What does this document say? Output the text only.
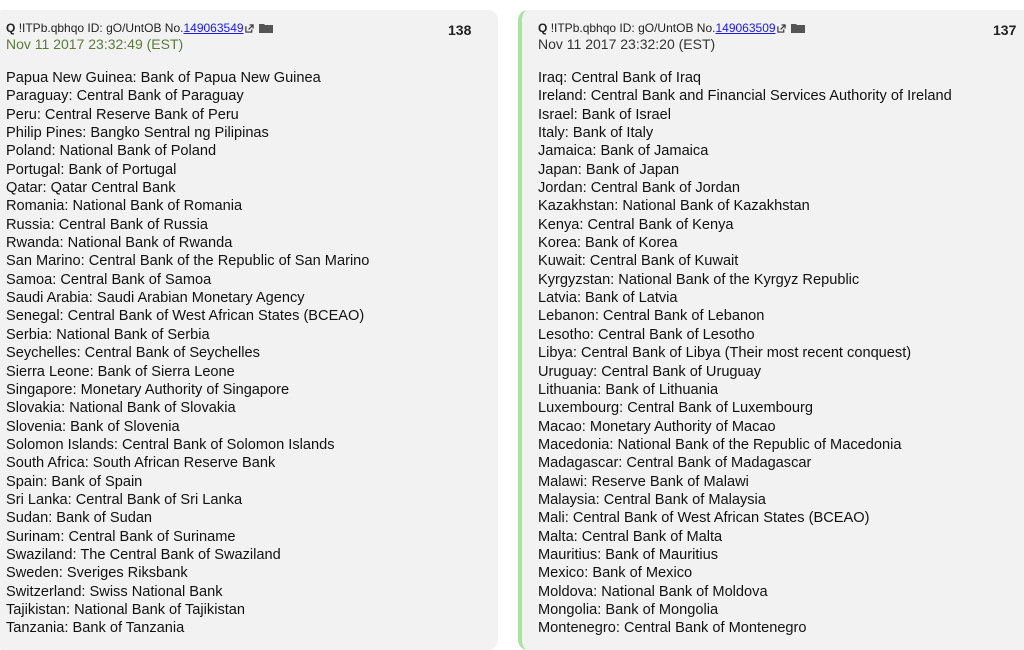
Q !ITPb.qbhqo ID: gO/UntOB No.149063549	138
Nov 11 2017 23:32:49 (EST)
Papua New Guinea: Bank of Papua New Guinea
Paraguay: Central Bank of Paraguay
Peru: Central Reserve Bank of Peru
Philip Pines: Bangko Sentral ng Pilipinas
Poland: National Bank of Poland
Portugal: Bank of Portugal
Qatar: Qatar Central Bank
Romania: National Bank of Romania
Russia: Central Bank of Russia
Rwanda: National Bank of Rwanda
San Marino: Central Bank of the Republic of San Marino
Samoa: Central Bank of Samoa
Saudi Arabia: Saudi Arabian Monetary Agency
Senegal: Central Bank of West African States (BCEAO)
Serbia: National Bank of Serbia
Seychelles: Central Bank of Seychelles
Sierra Leone: Bank of Sierra Leone
Singapore: Monetary Authority of Singapore
Slovakia: National Bank of Slovakia
Slovenia: Bank of Slovenia
Solomon Islands: Central Bank of Solomon Islands
South Africa: South African Reserve Bank
Spain: Bank of Spain
Sri Lanka: Central Bank of Sri Lanka
Sudan: Bank of Sudan
Surinam: Central Bank of Suriname
Swaziland: The Central Bank of Swaziland
Sweden: Sveriges Riksbank
Switzerland: Swiss National Bank
Tajikistan: National Bank of Tajikistan
Tanzania: Bank of Tanzania
Q !ITPb.qbhqo ID: gO/UntOB No.149063509	137
Nov 11 2017 23:32:20 (EST)
Iraq: Central Bank of Iraq
Ireland: Central Bank and Financial Services Authority of Ireland
Israel: Bank of Israel
Italy: Bank of Italy
Jamaica: Bank of Jamaica
Japan: Bank of Japan
Jordan: Central Bank of Jordan
Kazakhstan: National Bank of Kazakhstan
Kenya: Central Bank of Kenya
Korea: Bank of Korea
Kuwait: Central Bank of Kuwait
Kyrgyzstan: National Bank of the Kyrgyz Republic
Latvia: Bank of Latvia
Lebanon: Central Bank of Lebanon
Lesotho: Central Bank of Lesotho
Libya: Central Bank of Libya (Their most recent conquest)
Uruguay: Central Bank of Uruguay
Lithuania: Bank of Lithuania
Luxembourg: Central Bank of Luxembourg
Macao: Monetary Authority of Macao
Macedonia: National Bank of the Republic of Macedonia
Madagascar: Central Bank of Madagascar
Malawi: Reserve Bank of Malawi
Malaysia: Central Bank of Malaysia
Mali: Central Bank of West African States (BCEAO)
Malta: Central Bank of Malta
Mauritius: Bank of Mauritius
Mexico: Bank of Mexico
Moldova: National Bank of Moldova
Mongolia: Bank of Mongolia
Montenegro: Central Bank of Montenegro
